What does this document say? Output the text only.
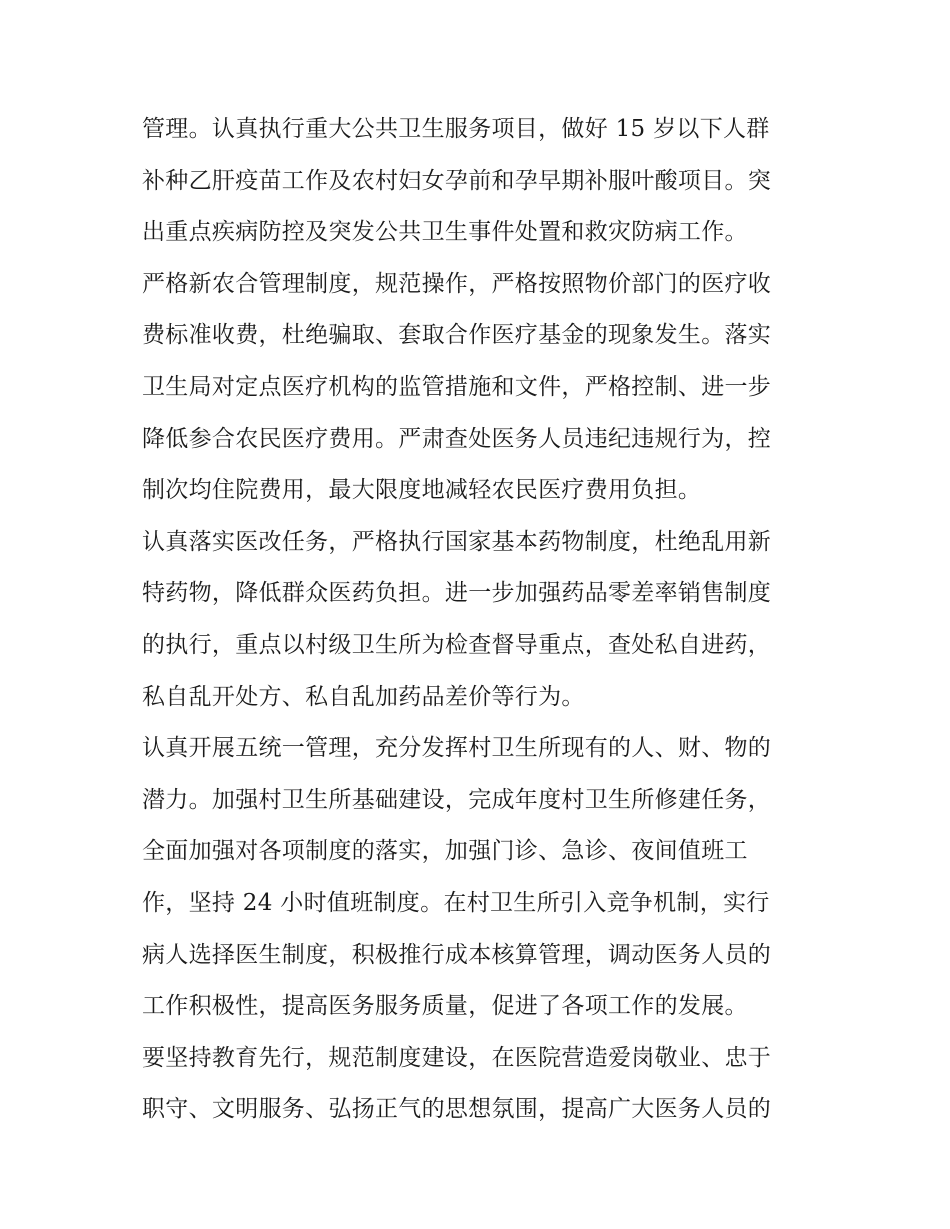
管理。认真执行重大公共卫生服务项目，做好 15 岁以下人群
补种乙肝疫苗工作及农村妇女孕前和孕早期补服叶酸项目。突
出重点疾病防控及突发公共卫生事件处置和救灾防病工作。
严格新农合管理制度，规范操作，严格按照物价部门的医疗收
费标准收费，杜绝骗取、套取合作医疗基金的现象发生。落实
卫生局对定点医疗机构的监管措施和文件，严格控制、进一步
降低参合农民医疗费用。严肃查处医务人员违纪违规行为，控
制次均住院费用，最大限度地减轻农民医疗费用负担。
认真落实医改任务，严格执行国家基本药物制度，杜绝乱用新
特药物，降低群众医药负担。进一步加强药品零差率销售制度
的执行，重点以村级卫生所为检查督导重点，查处私自进药，
私自乱开处方、私自乱加药品差价等行为。
认真开展五统一管理，充分发挥村卫生所现有的人、财、物的
潜力。加强村卫生所基础建设，完成年度村卫生所修建任务，
全面加强对各项制度的落实，加强门诊、急诊、夜间值班工
作，坚持 24 小时值班制度。在村卫生所引入竞争机制，实行
病人选择医生制度，积极推行成本核算管理，调动医务人员的
工作积极性，提高医务服务质量，促进了各项工作的发展。
要坚持教育先行，规范制度建设，在医院营造爱岗敬业、忠于
职守、文明服务、弘扬正气的思想氛围，提高广大医务人员的
